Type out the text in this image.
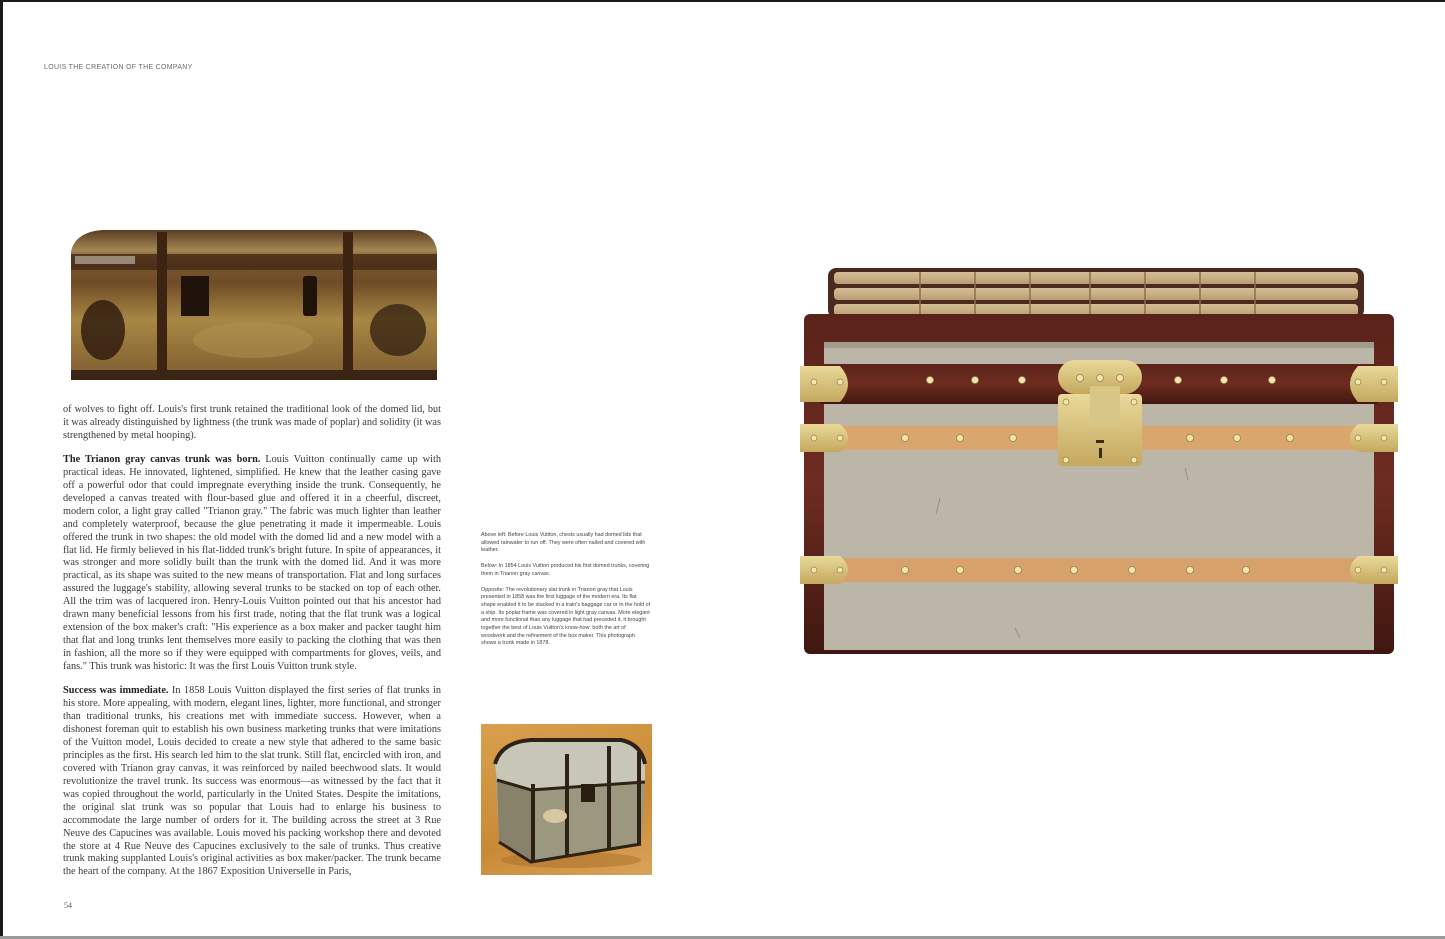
LOUIS THE CREATION OF THE COMPANY

of wolves to fight off. Louis's first trunk retained the traditional look of the domed lid, but it was already distinguished by lightness (the trunk was made of poplar) and solidity (it was strengthened by metal hooping).

The Trianon gray canvas trunk was born. Louis Vuitton continually came up with practical ideas. He innovated, lightened, simplified. He knew that the leather casing gave off a powerful odor that could impregnate everything inside the trunk. Consequently, he developed a canvas treated with flour-based glue and offered it in a cheerful, discreet, modern color, a light gray called "Trianon gray." The fabric was much lighter than leather and completely waterproof, because the glue penetrating it made it impermeable. Louis offered the trunk in two shapes: the old model with the domed lid and a new model with a flat lid. He firmly believed in his flat-lidded trunk's bright future. In spite of appearances, it was stronger and more solidly built than the trunk with the domed lid. And it was more practical, as its shape was suited to the new means of transportation. Flat and long surfaces assured the luggage's stability, allowing several trunks to be stacked on top of each other. All the trim was of lacquered iron. Henry-Louis Vuitton pointed out that his ancestor had drawn many beneficial lessons from his first trade, noting that the flat trunk was a logical extension of the box maker's craft: "His experience as a box maker and packer taught him that flat and long trunks lent themselves more easily to packing the clothing that was then in fashion, all the more so if they were equipped with compartments for gloves, veils, and fans." This trunk was historic: It was the first Louis Vuitton trunk style.

Success was immediate. In 1858 Louis Vuitton displayed the first series of flat trunks in his store. More appealing, with modern, elegant lines, lighter, more functional, and stronger than traditional trunks, his creations met with immediate success. However, when a dishonest foreman quit to establish his own business marketing trunks that were imitations of the Vuitton model, Louis decided to create a new style that adhered to the same basic principles as the first. His search led him to the slat trunk. Still flat, encircled with iron, and covered with Trianon gray canvas, it was reinforced by nailed beechwood slats. It would revolutionize the travel trunk. Its success was enormous—as witnessed by the fact that it was copied throughout the world, particularly in the United States. Despite the imitations, the original slat trunk was so popular that Louis had to enlarge his business to accommodate the large number of orders for it. The building across the street at 3 Rue Neuve des Capucines was available. Louis moved his packing workshop there and devoted the store at 4 Rue Neuve des Capucines exclusively to the sale of trunks. Thus creative trunk making supplanted Louis's original activities as box maker/packer. The trunk became the heart of the company. At the 1867 Exposition Universelle in Paris,

54

Above left: Before Louis Vuitton, chests usually had domed lids that allowed rainwater to run off. They were often nailed and covered with leather.

Below: In 1854 Louis Vuitton produced his first domed trunks, covering them in Trianon gray canvas.

Opposite: The revolutionary slat trunk in Trianon gray that Louis presented in 1858 was the first luggage of the modern era. Its flat shape enabled it to be stacked in a train's baggage car or in the hold of a ship. Its poplar frame was covered in light gray canvas. More elegant and more functional than any luggage that had preceded it, it brought together the best of Louis Vuitton's know-how: both the art of woodwork and the refinement of the box maker. This photograph shows a trunk made in 1878.
